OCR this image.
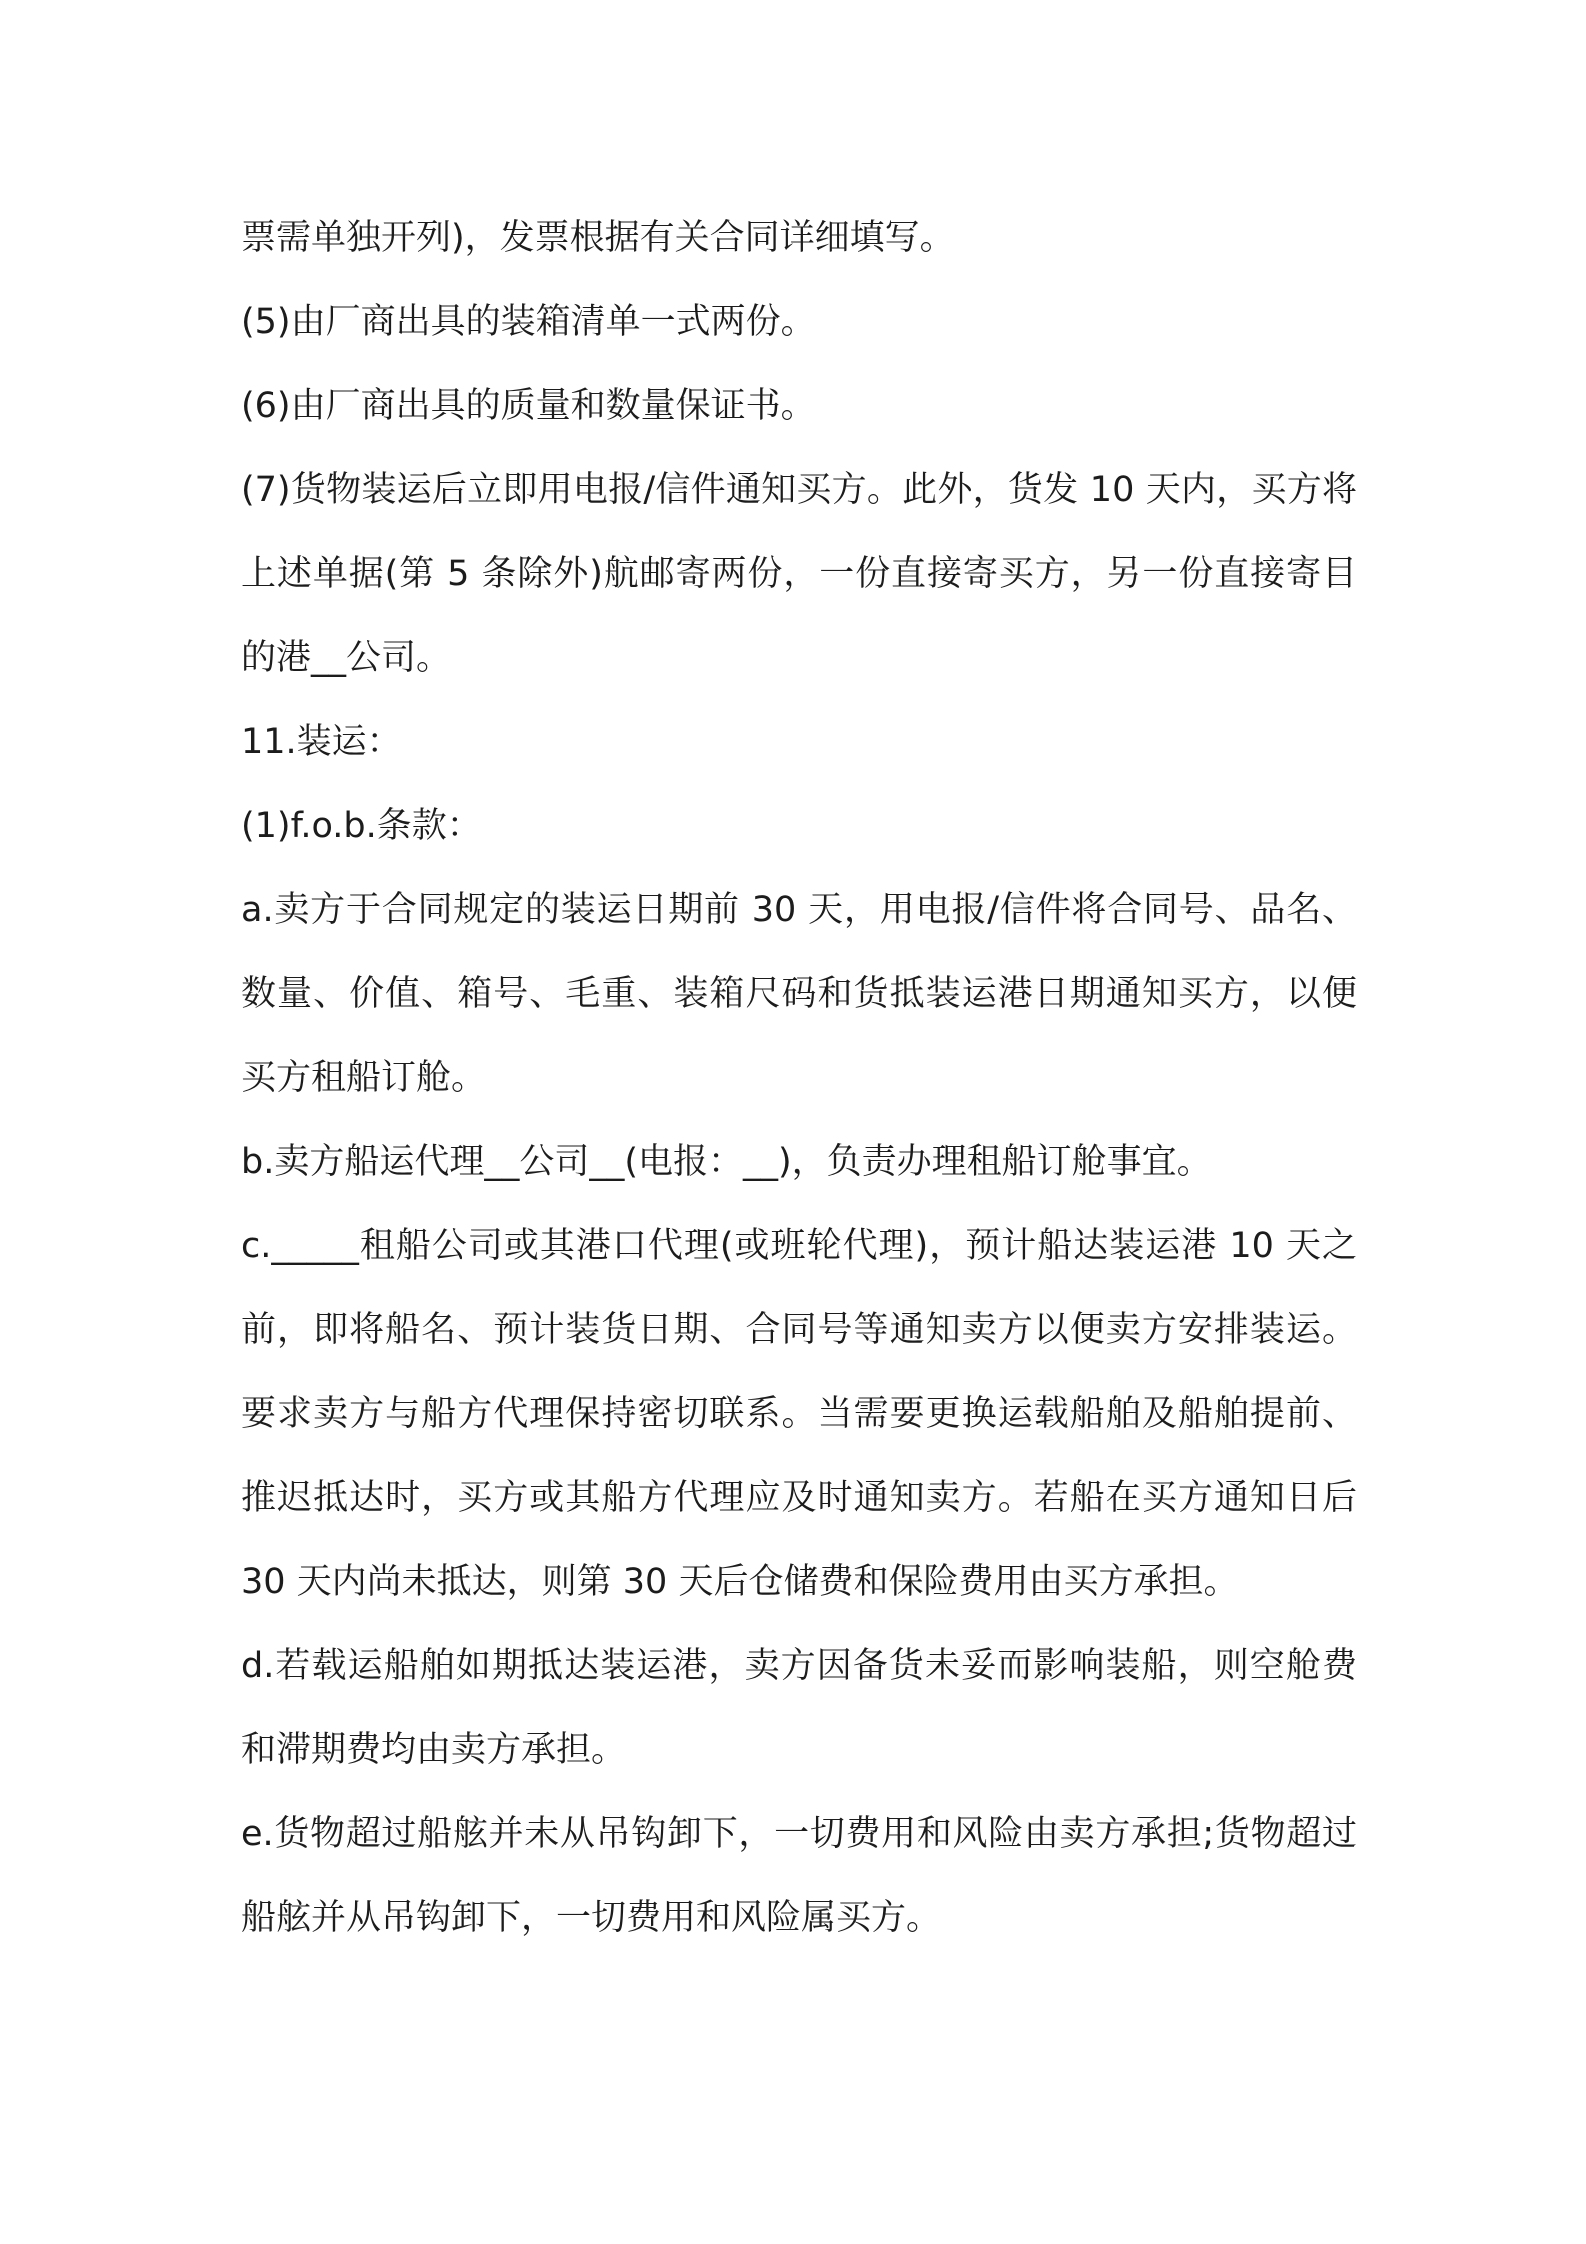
票需单独开列)，发票根据有关合同详细填写。

(5)由厂商出具的装箱清单一式两份。

(6)由厂商出具的质量和数量保证书。

(7)货物装运后立即用电报/信件通知买方。此外，货发 10 天内，买方将上述单据(第 5 条除外)航邮寄两份，一份直接寄买方，另一份直接寄目的港__公司。

11.装运：

(1)f.o.b.条款：

a.卖方于合同规定的装运日期前 30 天，用电报/信件将合同号、品名、数量、价值、箱号、毛重、装箱尺码和货抵装运港日期通知买方，以便买方租船订舱。

b.卖方船运代理__公司__(电报：__)，负责办理租船订舱事宜。

c._____租船公司或其港口代理(或班轮代理)，预计船达装运港 10 天之前，即将船名、预计装货日期、合同号等通知卖方以便卖方安排装运。要求卖方与船方代理保持密切联系。当需要更换运载船舶及船舶提前、推迟抵达时，买方或其船方代理应及时通知卖方。若船在买方通知日后 30 天内尚未抵达，则第 30 天后仓储费和保险费用由买方承担。

d.若载运船舶如期抵达装运港，卖方因备货未妥而影响装船，则空舱费和滞期费均由卖方承担。

e.货物超过船舷并未从吊钩卸下，一切费用和风险由卖方承担;货物超过船舷并从吊钩卸下，一切费用和风险属买方。
